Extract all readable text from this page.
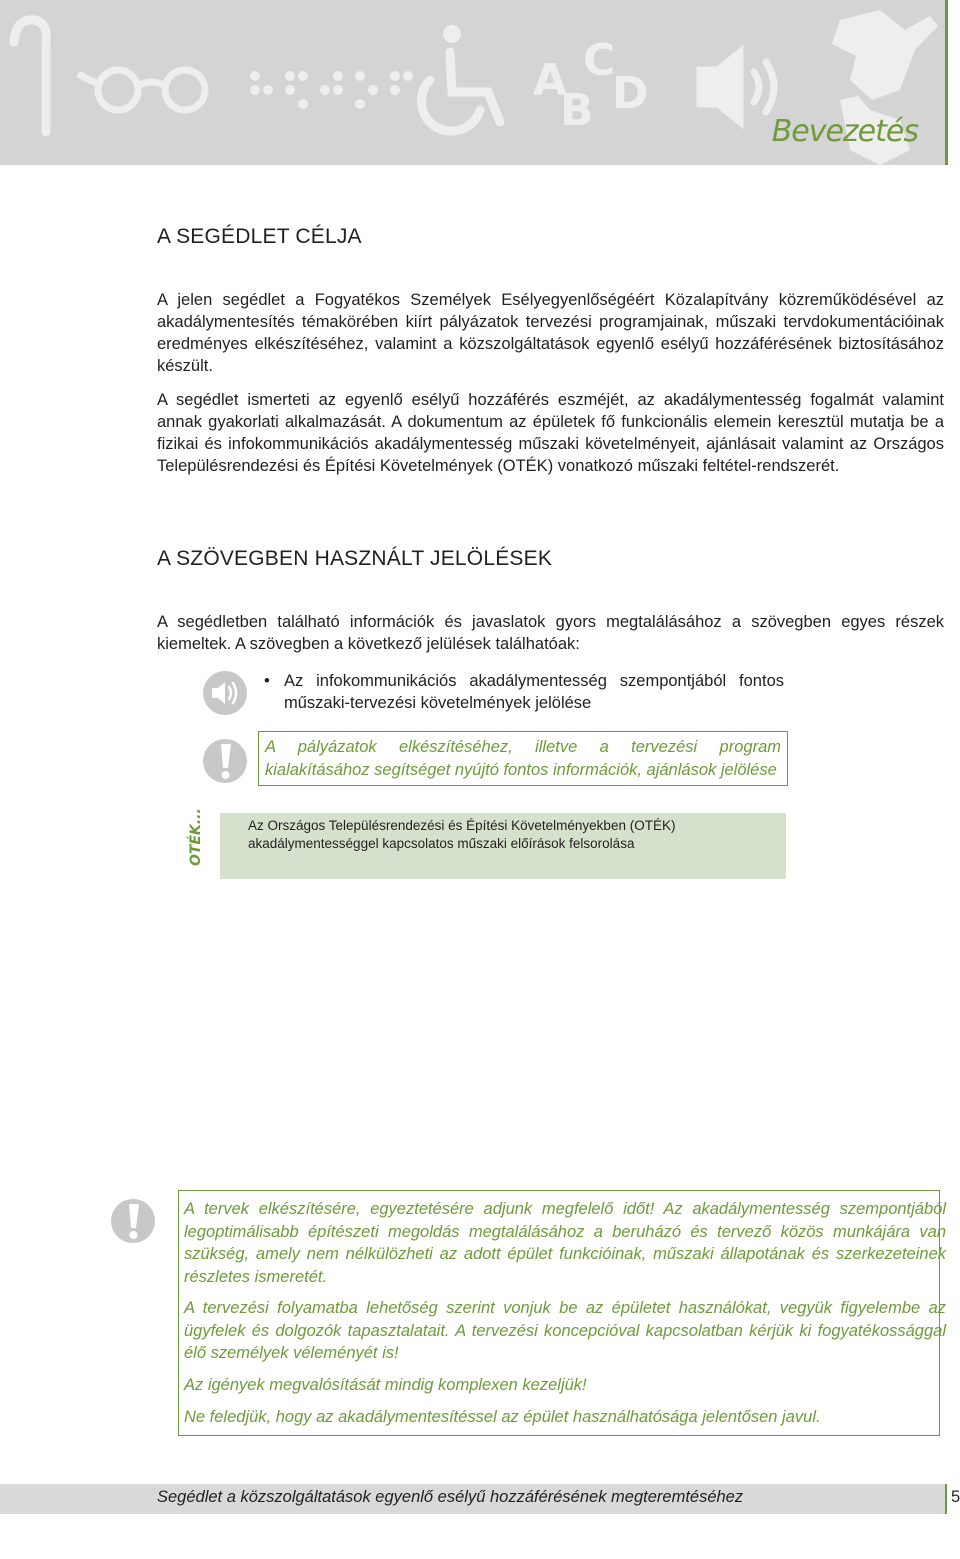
A
B
C
D
Bevezetés
A SEGÉDLET CÉLJA

A jelen segédlet a Fogyatékos Személyek Esélyegyenlőségéért Közalapítvány közreműködésével az akadálymentesítés témakörében kiírt pályázatok tervezési programjainak, műszaki tervdokumentációinak eredményes elkészítéséhez, valamint a közszolgáltatások egyenlő esélyű hozzáférésének biztosításához készült.

A segédlet ismerteti az egyenlő esélyű hozzáférés eszméjét, az akadálymentesség fogalmát valamint annak gyakorlati alkalmazását. A dokumentum az épületek fő funkcionális elemein keresztül mutatja be a fizikai és infokommunikációs akadálymentesség műszaki követelményeit, ajánlásait valamint az Országos Településrendezési és Építési Követelmények (OTÉK) vonatkozó műszaki feltétel-rendszerét.

A SZÖVEGBEN HASZNÁLT JELÖLÉSEK

A segédletben található információk és javaslatok gyors megtalálásához a szövegben egyes részek kiemeltek. A szövegben a következő jelülések találhatóak:

• Az infokommunikációs akadálymentesség szempontjából fontos műszaki-tervezési követelmények jelölése
A pályázatok elkészítéséhez, illetve a tervezési program kialakításához segítséget nyújtó fontos információk, ajánlások jelölése
OTÉK...	Az Országos Településrendezési és Építési Követelményekben (OTÉK)
akadálymentességgel kapcsolatos műszaki előírások felsorolása

A tervek elkészítésére, egyeztetésére adjunk megfelelő időt! Az akadálymentesség szempontjából legoptimálisabb építészeti megoldás megtalálásához a beruházó és tervező közös munkájára van szükség, amely nem nélkülözheti az adott épület funkcióinak, műszaki állapotának és szerkezeteinek részletes ismeretét.

A tervezési folyamatba lehetőség szerint vonjuk be az épületet használókat, vegyük figyelembe az ügyfelek és dolgozók tapasztalatait. A tervezési koncepcióval kapcsolatban kérjük ki fogyatékossággal élő személyek véleményét is!

Az igények megvalósítását mindig komplexen kezeljük!

Ne feledjük, hogy az akadálymentesítéssel az épület használhatósága jelentősen javul.

Segédlet a közszolgáltatások egyenlő esélyű hozzáférésének megteremtéséhez	5
